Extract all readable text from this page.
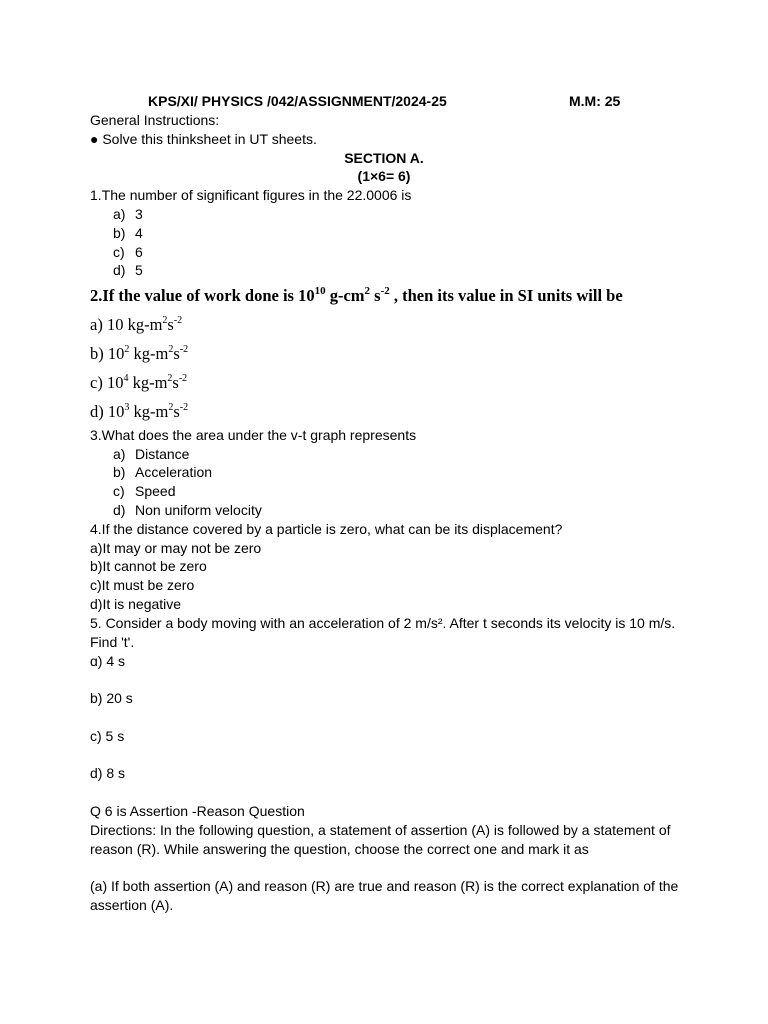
KPS/XI/ PHYSICS /042/ASSIGNMENT/2024-25	M.M: 25
General Instructions:
● Solve this thinksheet in UT sheets.
SECTION A.
(1×6= 6)
1.The number of significant figures in the 22.0006 is
a) 3
b) 4
c) 6
d) 5
2.If the value of work done is $10^{10}$ $g-cm^2$ $s^{-2}$ , then its value in SI units will be
a) 10 $kg-m^2s^{-2}$
b) $10^2$ $kg-m^2s^{-2}$
c) $10^4$ $kg-m^2s^{-2}$
d) $10^3$ $kg-m^2s^{-2}$
3.What does the area under the v-t graph represents
a) Distance
b) Acceleration
c) Speed
d) Non uniform velocity
4.If the distance covered by a particle is zero, what can be its displacement?
a)It may or may not be zero
b)It cannot be zero
c)It must be zero
d)It is negative
5. Consider a body moving with an acceleration of 2 m/s². After t seconds its velocity is 10 m/s.
Find 't'.
ɑ) 4 s
b) 20 s
c) 5 s
d) 8 s
Q 6 is Assertion -Reason Question
Directions: In the following question, a statement of assertion (A) is followed by a statement of
reason (R). While answering the question, choose the correct one and mark it as
(a) If both assertion (A) and reason (R) are true and reason (R) is the correct explanation of the
assertion (A).
